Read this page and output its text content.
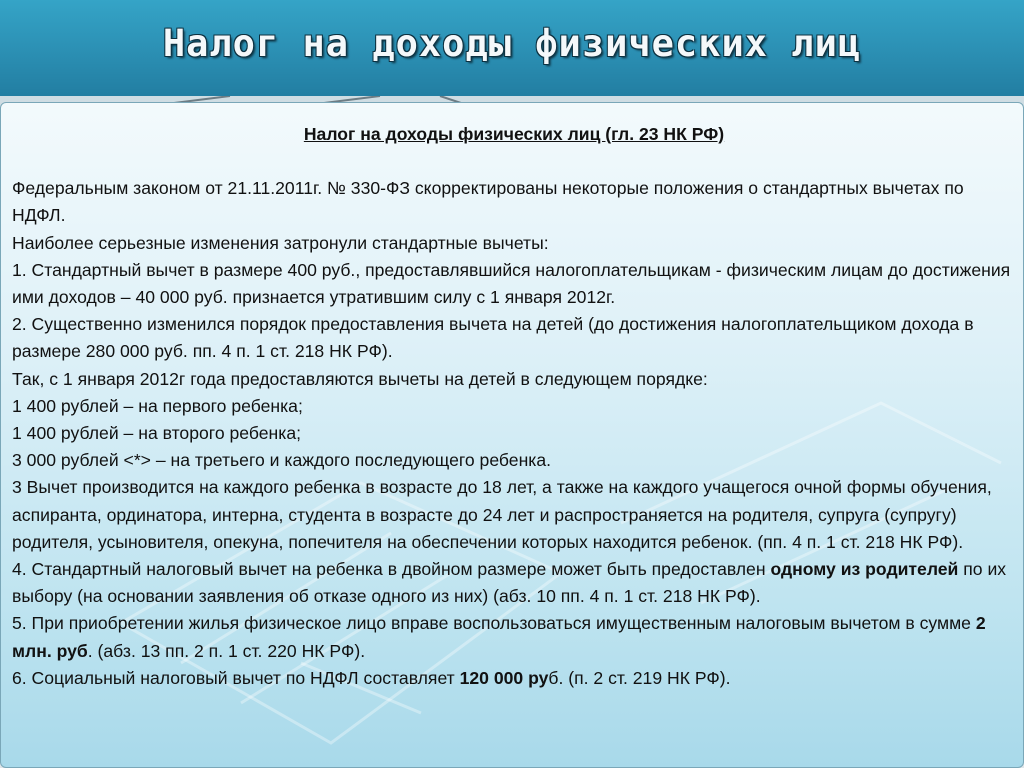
Налог на доходы физических лиц

Налог на доходы физических лиц (гл. 23 НК РФ)

Федеральным законом от 21.11.2011г. № 330-ФЗ скорректированы некоторые положения о стандартных вычетах по НДФЛ.

Наиболее серьезные изменения затронули стандартные вычеты:

1. Стандартный вычет в размере 400 руб., предоставлявшийся налогоплательщикам - физическим лицам до достижения ими доходов – 40 000 руб. признается утратившим силу с 1 января 2012г.

2. Существенно изменился порядок предоставления вычета на детей (до достижения налогоплательщиком дохода в размере 280 000 руб. пп. 4 п. 1 ст. 218 НК РФ).

Так, с 1 января 2012г года предоставляются вычеты на детей в следующем порядке:

1 400 рублей – на первого ребенка;

1 400 рублей – на второго ребенка;

3 000 рублей <*> – на третьего и каждого последующего ребенка.

3 Вычет производится на каждого ребенка в возрасте до 18 лет, а также на каждого учащегося очной формы обучения, аспиранта, ординатора, интерна, студента в возрасте до 24 лет и распространяется на родителя, супруга (супругу) родителя, усыновителя, опекуна, попечителя на обеспечении которых находится ребенок. (пп. 4 п. 1 ст. 218 НК РФ).

4. Стандартный налоговый вычет на ребенка в двойном размере может быть предоставлен одному из родителей по их выбору (на основании заявления об отказе одного из них) (абз. 10 пп. 4 п. 1 ст. 218 НК РФ).

5. При приобретении жилья физическое лицо вправе воспользоваться имущественным налоговым вычетом в сумме 2 млн. руб. (абз. 13 пп. 2 п. 1 ст. 220 НК РФ).

6. Социальный налоговый вычет по НДФЛ составляет 120 000 руб. (п. 2 ст. 219 НК РФ).
